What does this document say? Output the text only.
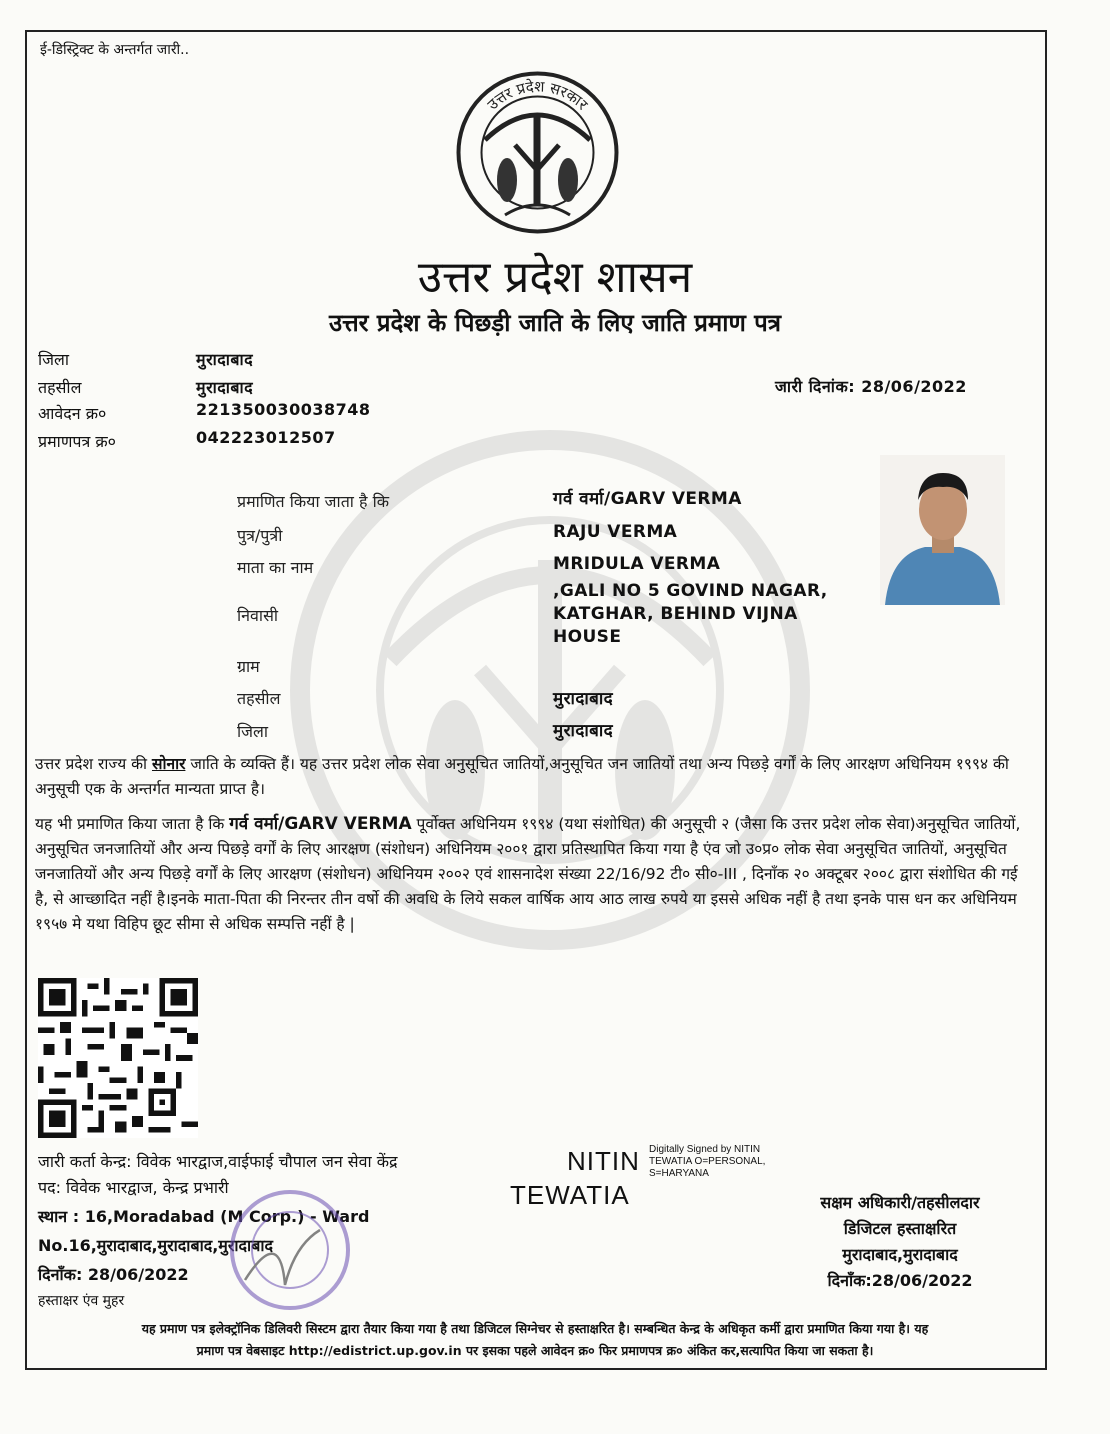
ई-डिस्ट्रिक्ट के अन्तर्गत जारी..
उत्तर प्रदेश सरकार
उत्तर प्रदेश शासन
उत्तर प्रदेश के पिछड़ी जाति के लिए जाति प्रमाण पत्र
जिला	मुरादाबाद
तहसील	मुरादाबाद
आवेदन क्र०	221350030038748
प्रमाणपत्र क्र०	042223012507
जारी दिनांक: 28/06/2022
प्रमाणित किया जाता है कि	गर्व वर्मा/GARV VERMA
पुत्र/पुत्री	RAJU VERMA
माता का नाम	MRIDULA VERMA
,GALI NO 5 GOVIND NAGAR,
निवासी	KATGHAR, BEHIND VIJNA
HOUSE
ग्राम
तहसील	मुरादाबाद
जिला	मुरादाबाद
उत्तर प्रदेश राज्य की सोनार जाति के व्यक्ति हैं। यह उत्तर प्रदेश लोक सेवा अनुसूचित जातियों,अनुसूचित जन जातियों तथा अन्य पिछड़े वर्गों के लिए आरक्षण अधिनियम १९९४ की अनुसूची एक के अन्तर्गत मान्यता प्राप्त है।
यह भी प्रमाणित किया जाता है कि गर्व वर्मा/GARV VERMA पूर्वोक्त अधिनियम १९९४ (यथा संशोधित) की अनुसूची २ (जैसा कि उत्तर प्रदेश लोक सेवा)अनुसूचित जातियों, अनुसूचित जनजातियों और अन्य पिछड़े वर्गों के लिए आरक्षण (संशोधन) अधिनियम २००१ द्वारा प्रतिस्थापित किया गया है एंव जो उ०प्र० लोक सेवा अनुसूचित जातियों, अनुसूचित जनजातियों और अन्य पिछड़े वर्गों के लिए आरक्षण (संशोधन) अधिनियम २००२ एवं शासनादेश संख्या 22/16/92 टी० सी०-III , दिनाँक २० अक्टूबर २००८ द्वारा संशोधित की गई है, से आच्छादित नहीं है।इनके माता-पिता की निरन्तर तीन वर्षो की अवधि के लिये सकल वार्षिक आय आठ लाख रुपये या इससे अधिक नहीं है तथा इनके पास धन कर अधिनियम १९५७ मे यथा विहिप छूट सीमा से अधिक सम्पत्ति नहीं है |
जारी कर्ता केन्द्र: विवेक भारद्वाज,वाईफाई चौपाल जन सेवा केंद्र
पद: विवेक भारद्वाज, केन्द्र प्रभारी
स्थान : 16,Moradabad (M Corp.) - Ward
No.16,मुरादाबाद,मुरादाबाद,मुरादाबाद
दिनाँक: 28/06/2022
हस्ताक्षर एंव मुहर
NITIN
TEWATIA
Digitally Signed by NITIN TEWATIA O=PERSONAL, S=HARYANA
सक्षम अधिकारी/तहसीलदार
डिजिटल हस्ताक्षरित
मुरादाबाद,मुरादाबाद
दिनाँक:28/06/2022
यह प्रमाण पत्र इलेक्ट्रॉनिक डिलिवरी सिस्टम द्वारा तैयार किया गया है तथा डिजिटल सिग्नेचर से हस्ताक्षरित है। सम्बन्धित केन्द्र के अधिकृत कर्मी द्वारा प्रमाणित किया गया है। यह
प्रमाण पत्र वेबसाइट http://edistrict.up.gov.in पर इसका पहले आवेदन क्र० फिर प्रमाणपत्र क्र० अंकित कर,सत्यापित किया जा सकता है।
